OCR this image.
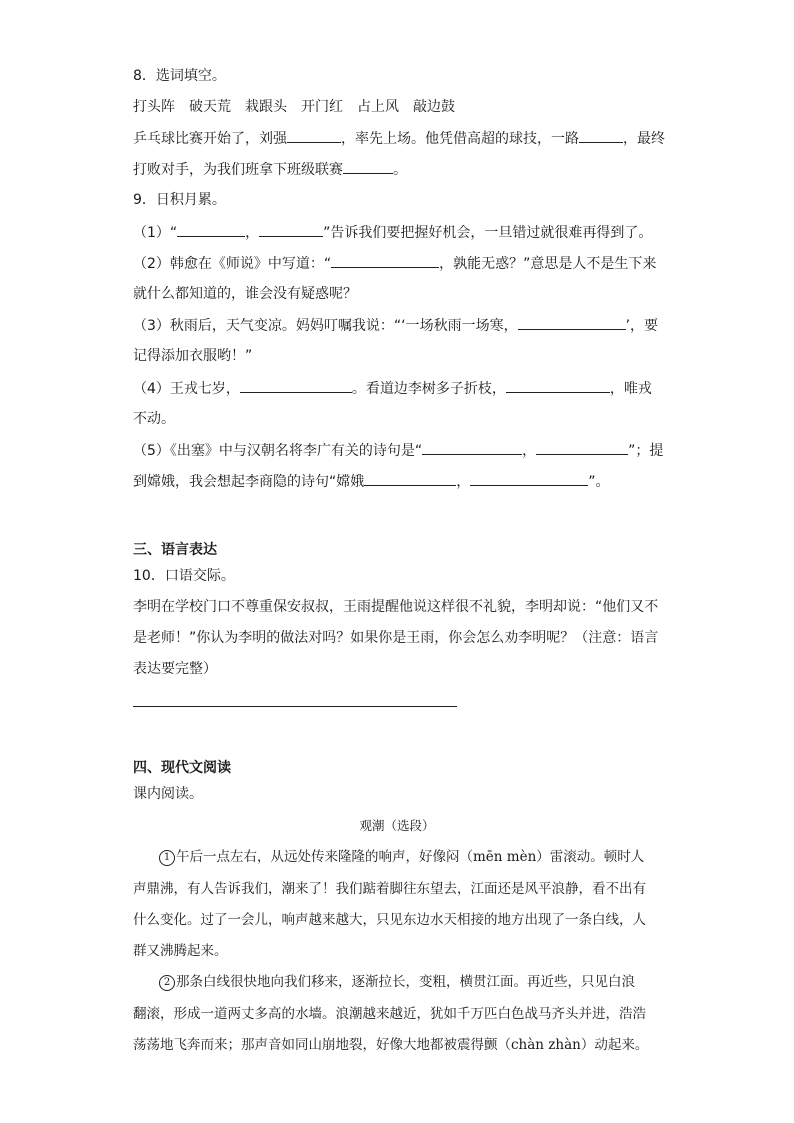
8．选词填空。
打头阵　破天荒　栽跟头　开门红　占上风　敲边鼓
乒乓球比赛开始了，刘强	，率先上场。他凭借高超的球技，一路	，最终
打败对手，为我们班拿下班级联赛	。
9．日积月累。
（1）“	，	”告诉我们要把握好机会，一旦错过就很难再得到了。
（2）韩愈在《师说》中写道：“	，孰能无惑？”意思是人不是生下来
就什么都知道的，谁会没有疑惑呢？
（3）秋雨后，天气变凉。妈妈叮嘱我说：“‘一场秋雨一场寒，	’，要
记得添加衣服哟！”
（4）王戎七岁，	。看道边李树多子折枝，	，唯戎
不动。
（5）《出塞》中与汉朝名将李广有关的诗句是“	，	”；提
到嫦娥，我会想起李商隐的诗句“嫦娥	，	”。
三、语言表达
10．口语交际。
李明在学校门口不尊重保安叔叔，王雨提醒他说这样很不礼貌，李明却说：“他们又不
是老师！”你认为李明的做法对吗？如果你是王雨，你会怎么劝李明呢？（注意：语言
表达要完整）
四、现代文阅读
课内阅读。
观潮（选段）
1 午后一点左右，从远处传来隆隆的响声，好像闷（mēn mèn）雷滚动。顿时人
声鼎沸，有人告诉我们，潮来了！我们踮着脚往东望去，江面还是风平浪静，看不出有
什么变化。过了一会儿，响声越来越大，只见东边水天相接的地方出现了一条白线，人
群又沸腾起来。
2 那条白线很快地向我们移来，逐渐拉长，变粗，横贯江面。再近些，只见白浪
翻滚，形成一道两丈多高的水墙。浪潮越来越近，犹如千万匹白色战马齐头并进，浩浩
荡荡地飞奔而来；那声音如同山崩地裂，好像大地都被震得颤（chàn zhàn）动起来。
